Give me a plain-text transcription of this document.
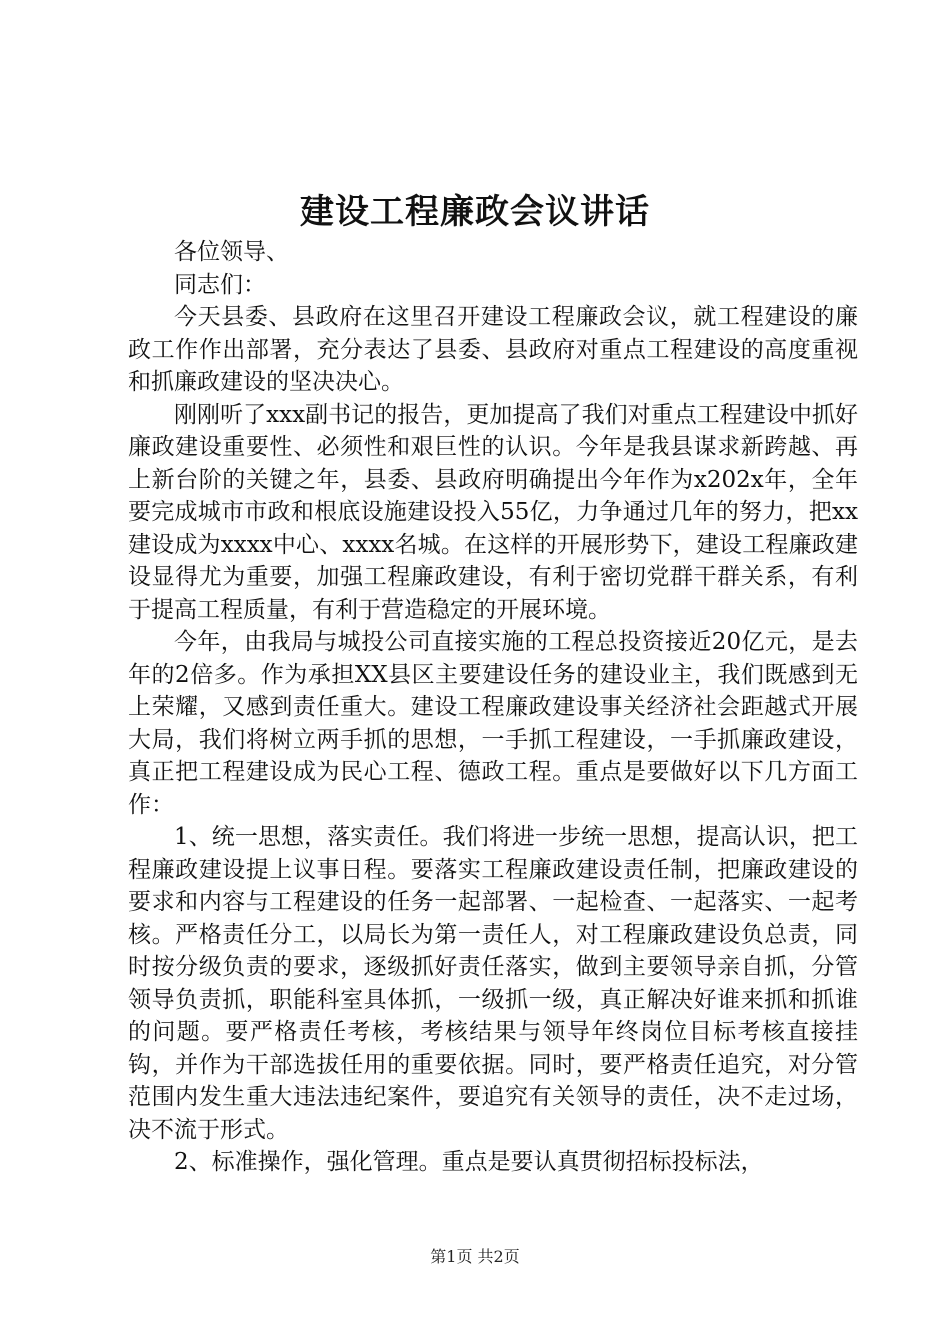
建设工程廉政会议讲话

各位领导、

同志们：

今天县委、县政府在这里召开建设工程廉政会议，就工程建设的廉政工作作出部署，充分表达了县委、县政府对重点工程建设的高度重视和抓廉政建设的坚决决心。

刚刚听了xxx副书记的报告，更加提高了我们对重点工程建设中抓好廉政建设重要性、必须性和艰巨性的认识。今年是我县谋求新跨越、再上新台阶的关键之年，县委、县政府明确提出今年作为x202x年，全年要完成城市市政和根底设施建设投入55亿，力争通过几年的努力，把xx建设成为xxxx中心、xxxx名城。在这样的开展形势下，建设工程廉政建设显得尤为重要，加强工程廉政建设，有利于密切党群干群关系，有利于提高工程质量，有利于营造稳定的开展环境。

今年，由我局与城投公司直接实施的工程总投资接近20亿元，是去年的2倍多。作为承担XX县区主要建设任务的建设业主，我们既感到无上荣耀，又感到责任重大。建设工程廉政建设事关经济社会距越式开展大局，我们将树立两手抓的思想，一手抓工程建设，一手抓廉政建设，真正把工程建设成为民心工程、德政工程。重点是要做好以下几方面工作：

1、统一思想，落实责任。我们将进一步统一思想，提高认识，把工程廉政建设提上议事日程。要落实工程廉政建设责任制，把廉政建设的要求和内容与工程建设的任务一起部署、一起检查、一起落实、一起考核。严格责任分工，以局长为第一责任人，对工程廉政建设负总责，同时按分级负责的要求，逐级抓好责任落实，做到主要领导亲自抓，分管领导负责抓，职能科室具体抓，一级抓一级，真正解决好谁来抓和抓谁的问题。要严格责任考核，考核结果与领导年终岗位目标考核直接挂钩，并作为干部选拔任用的重要依据。同时，要严格责任追究，对分管范围内发生重大违法违纪案件，要追究有关领导的责任，决不走过场，决不流于形式。

2、标准操作，强化管理。重点是要认真贯彻招标投标法，

第1页 共2页
